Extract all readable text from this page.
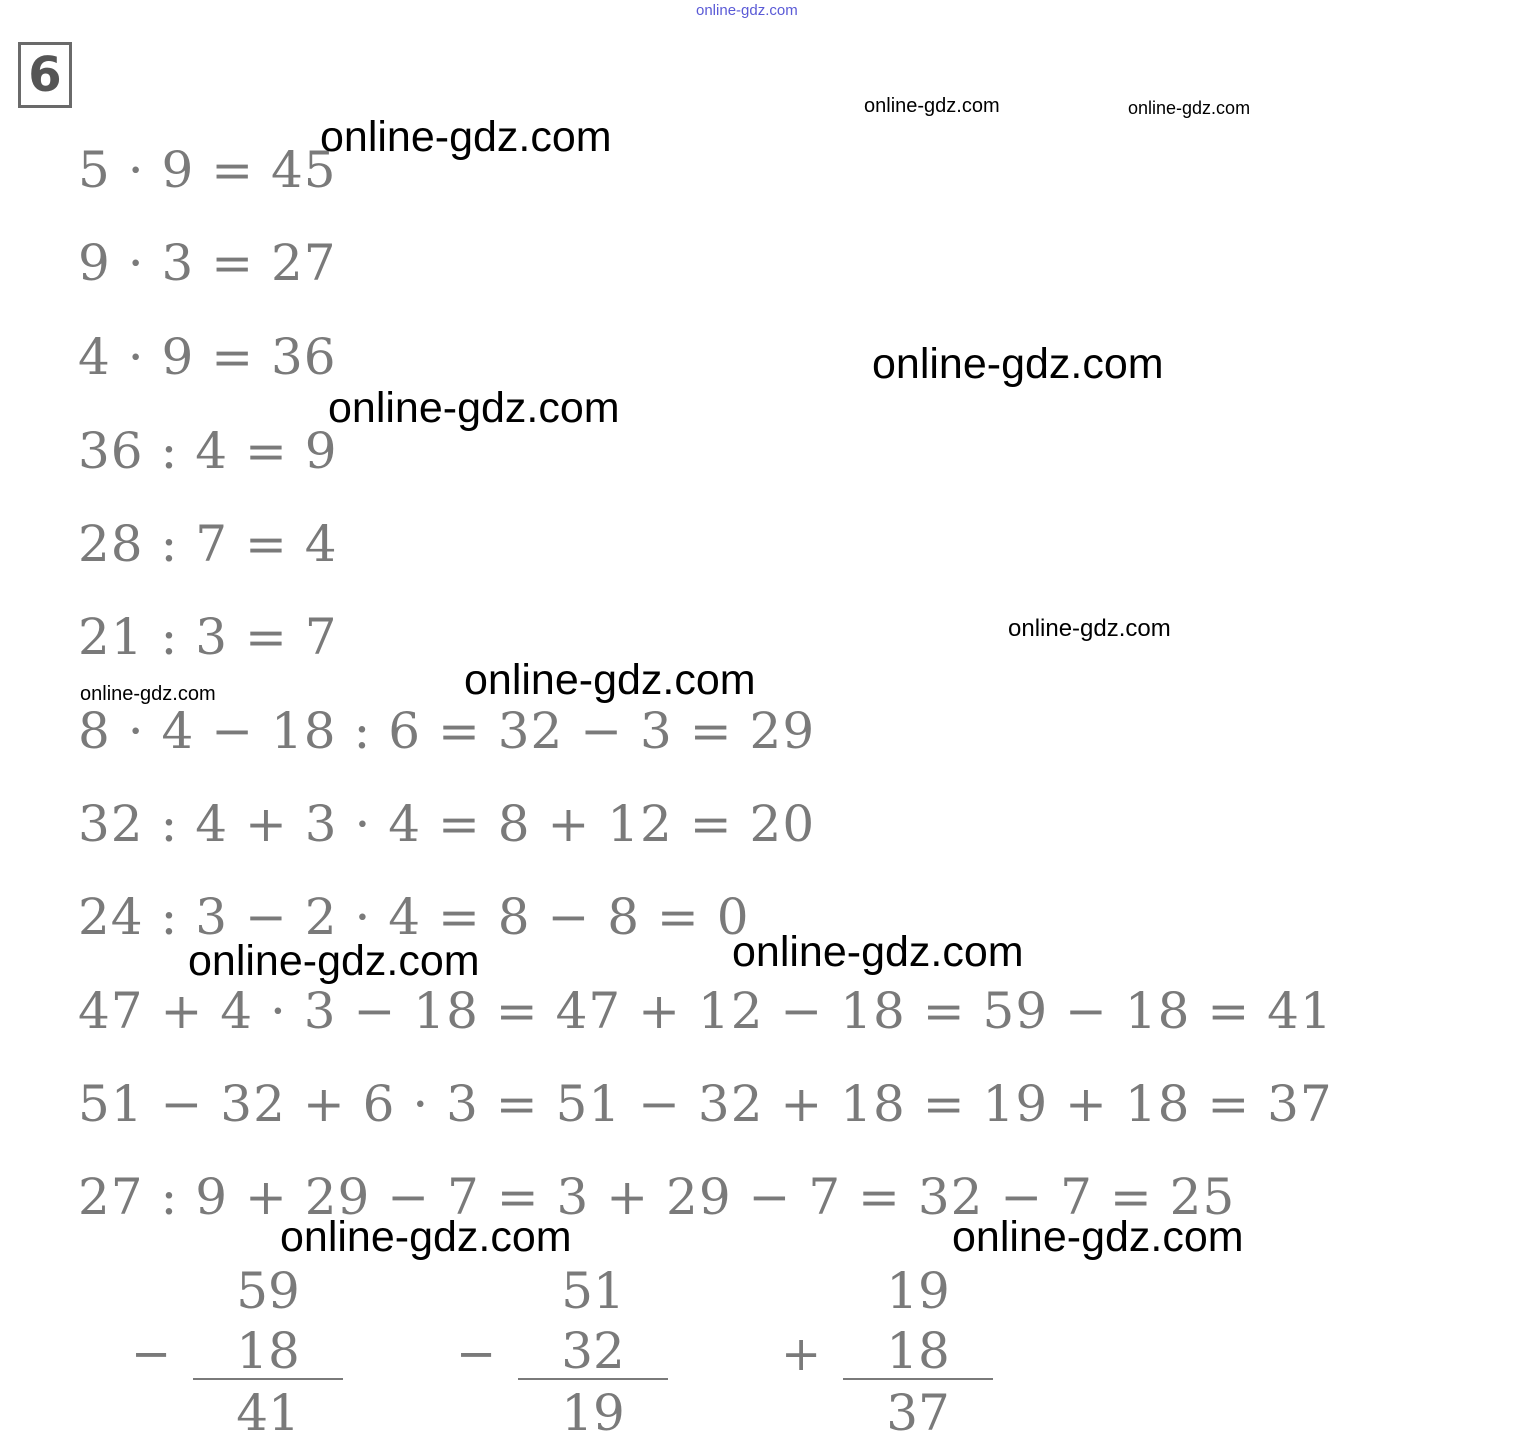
online-gdz.com
6
5 · 9 = 45
9 · 3 = 27
4 · 9 = 36
36 : 4 = 9
28 : 7 = 4
21 : 3 = 7
8 · 4 − 18 : 6 = 32 − 3 = 29
32 : 4 + 3 · 4 = 8 + 12 = 20
24 : 3 − 2 · 4 = 8 − 8 = 0
47 + 4 · 3 − 18 = 47 + 12 − 18 = 59 − 18 = 41
51 − 32 + 6 · 3 = 51 − 32 + 18 = 19 + 18 = 37
27 : 9 + 29 − 7 = 3 + 29 − 7 = 32 − 7 = 25
−
59
18
41
−
51
32
19
+
19
18
37
online-gdz.com
online-gdz.com	online-gdz.com
online-gdz.com
online-gdz.com
online-gdz.com
online-gdz.com
online-gdz.com
online-gdz.com
online-gdz.com
online-gdz.com	online-gdz.com
